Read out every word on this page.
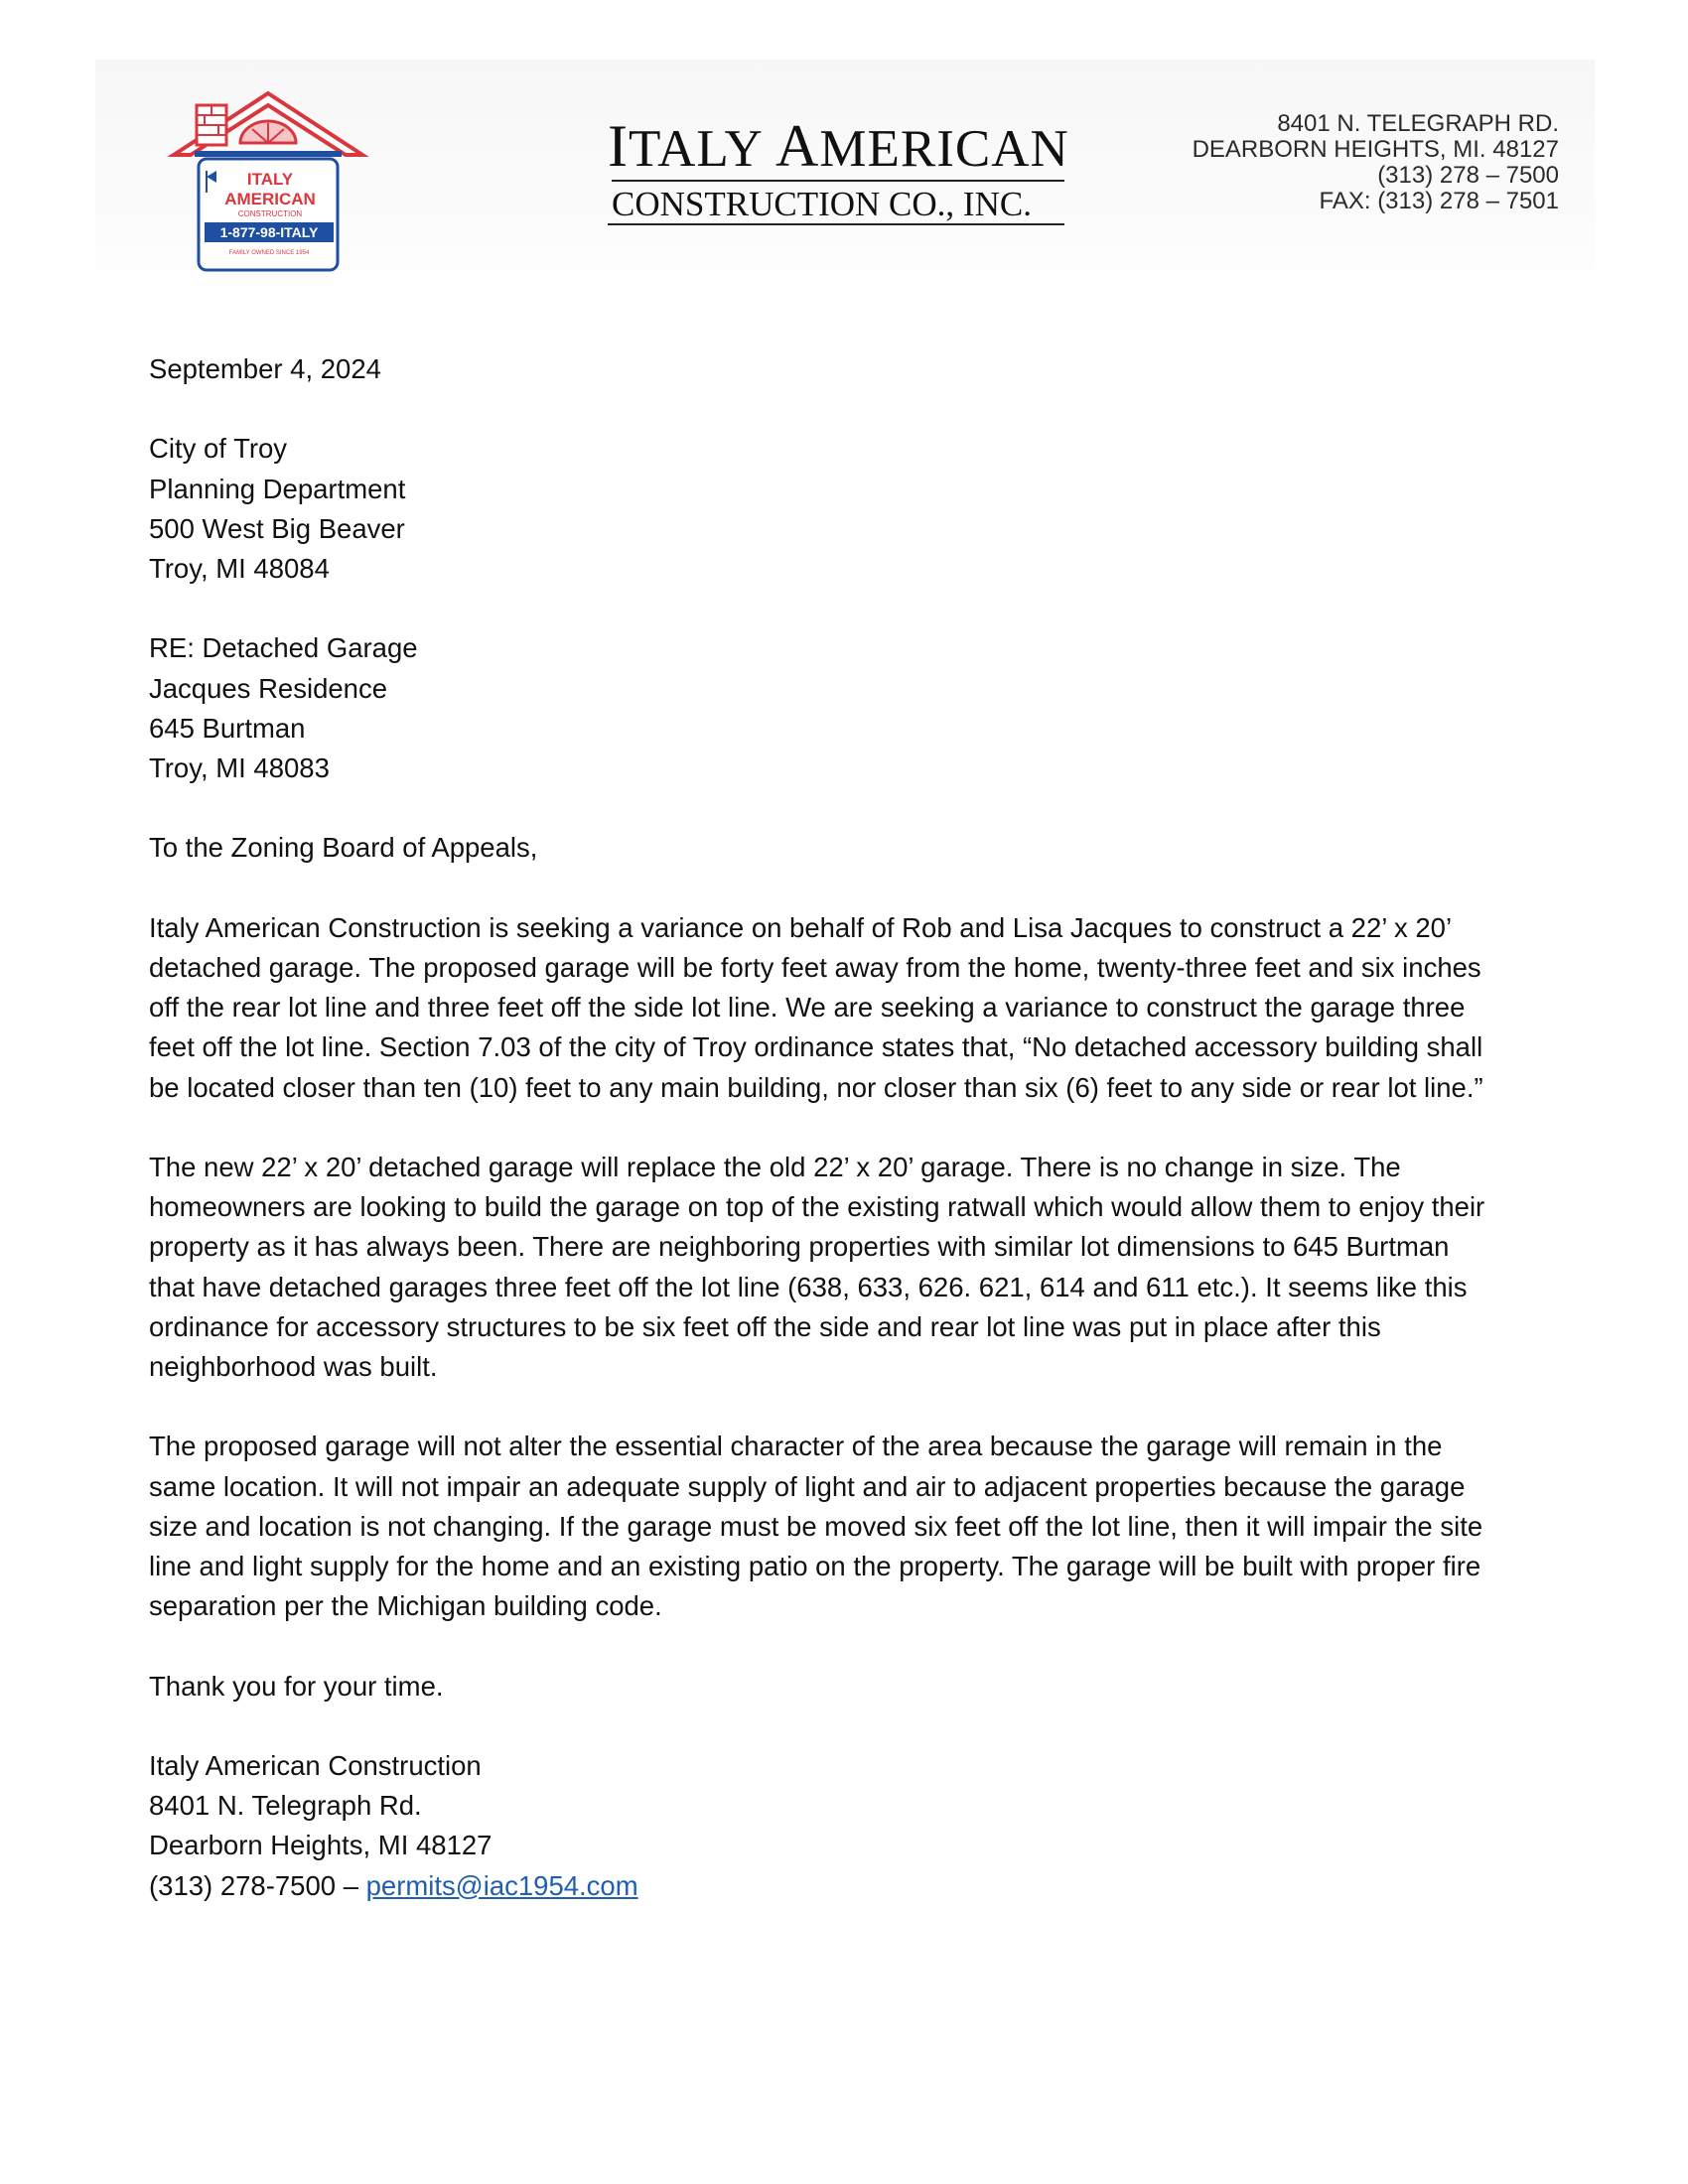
ITALY
AMERICAN
CONSTRUCTION
1-877-98-ITALY
FAMILY OWNED SINCE 1954
ITALY AMERICAN
CONSTRUCTION CO., INC.
8401 N. TELEGRAPH RD.
DEARBORN HEIGHTS, MI. 48127
(313) 278 – 7500
FAX: (313) 278 – 7501

September 4, 2024

City of Troy

Planning Department

500 West Big Beaver

Troy, MI 48084

RE: Detached Garage

Jacques Residence

645 Burtman

Troy, MI 48083

To the Zoning Board of Appeals,

Italy American Construction is seeking a variance on behalf of Rob and Lisa Jacques to construct a 22’ x 20’

detached garage. The proposed garage will be forty feet away from the home, twenty-three feet and six inches

off the rear lot line and three feet off the side lot line. We are seeking a variance to construct the garage three

feet off the lot line. Section 7.03 of the city of Troy ordinance states that, “No detached accessory building shall

be located closer than ten (10) feet to any main building, nor closer than six (6) feet to any side or rear lot line.”

The new 22’ x 20’ detached garage will replace the old 22’ x 20’ garage. There is no change in size. The

homeowners are looking to build the garage on top of the existing ratwall which would allow them to enjoy their

property as it has always been. There are neighboring properties with similar lot dimensions to 645 Burtman

that have detached garages three feet off the lot line (638, 633, 626. 621, 614 and 611 etc.). It seems like this

ordinance for accessory structures to be six feet off the side and rear lot line was put in place after this

neighborhood was built.

The proposed garage will not alter the essential character of the area because the garage will remain in the

same location. It will not impair an adequate supply of light and air to adjacent properties because the garage

size and location is not changing. If the garage must be moved six feet off the lot line, then it will impair the site

line and light supply for the home and an existing patio on the property. The garage will be built with proper fire

separation per the Michigan building code.

Thank you for your time.

Italy American Construction

8401 N. Telegraph Rd.

Dearborn Heights, MI 48127

(313) 278-7500 – permits@iac1954.com
